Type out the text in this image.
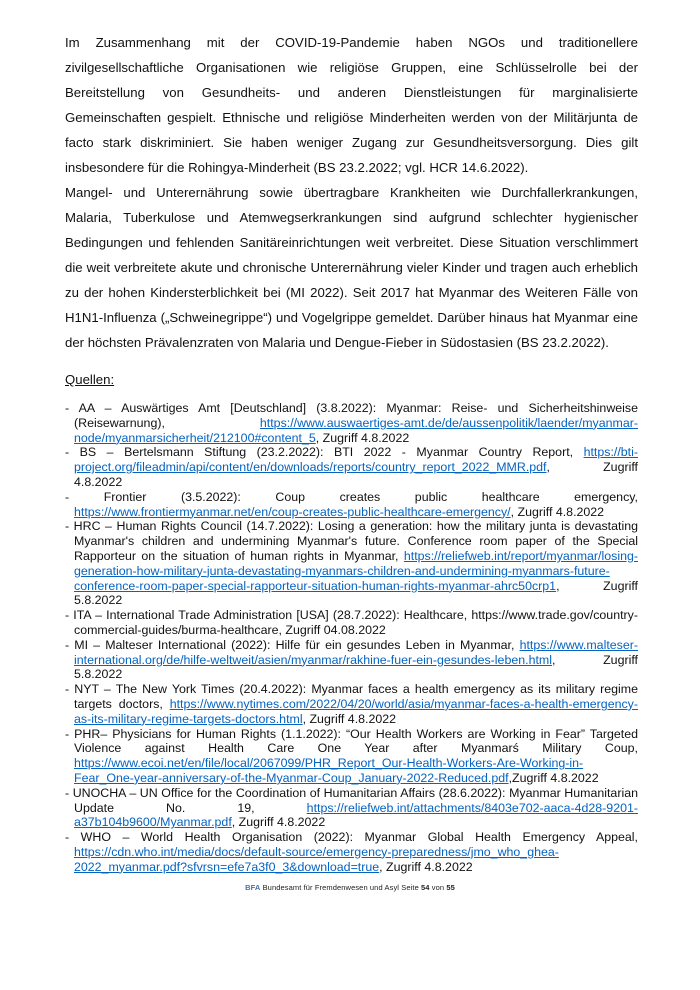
Im Zusammenhang mit der COVID-19-Pandemie haben NGOs und traditionellere zivilgesellschaftliche Organisationen wie religiöse Gruppen, eine Schlüsselrolle bei der Bereitstellung von Gesundheits- und anderen Dienstleistungen für marginalisierte Gemeinschaften gespielt. Ethnische und religiöse Minderheiten werden von der Militärjunta de facto stark diskriminiert. Sie haben weniger Zugang zur Gesundheitsversorgung. Dies gilt insbesondere für die Rohingya-Minderheit (BS 23.2.2022; vgl. HCR 14.6.2022).

Mangel- und Unterernährung sowie übertragbare Krankheiten wie Durchfallerkrankungen, Malaria, Tuberkulose und Atemwegserkrankungen sind aufgrund schlechter hygienischer Bedingungen und fehlenden Sanitäreinrichtungen weit verbreitet. Diese Situation verschlimmert die weit verbreitete akute und chronische Unterernährung vieler Kinder und tragen auch erheblich zu der hohen Kindersterblichkeit bei (MI 2022). Seit 2017 hat Myanmar des Weiteren Fälle von H1N1-Influenza („Schweinegrippe“) und Vogelgrippe gemeldet. Darüber hinaus hat Myanmar eine der höchsten Prävalenzraten von Malaria und Dengue-Fieber in Südostasien (BS 23.2.2022).

Quellen:

- AA – Auswärtiges Amt [Deutschland] (3.8.2022): Myanmar: Reise- und Sicherheitshinweise (Reisewarnung), https://www.auswaertiges-amt.de/de/aussenpolitik/laender/myanmar-node/myanmarsicherheit/212100#content_5, Zugriff 4.8.2022
- BS – Bertelsmann Stiftung (23.2.2022): BTI 2022 - Myanmar Country Report, https://bti-project.org/fileadmin/api/content/en/downloads/reports/country_report_2022_MMR.pdf, Zugriff 4.8.2022
- Frontier (3.5.2022): Coup creates public healthcare emergency, https://www.frontiermyanmar.net/en/coup-creates-public-healthcare-emergency/, Zugriff 4.8.2022
- HRC – Human Rights Council (14.7.2022): Losing a generation: how the military junta is devastating Myanmar's children and undermining Myanmar's future. Conference room paper of the Special Rapporteur on the situation of human rights in Myanmar, https://reliefweb.int/report/myanmar/losing-generation-how-military-junta-devastating-myanmars-children-and-undermining-myanmars-future-conference-room-paper-special-rapporteur-situation-human-rights-myanmar-ahrc50crp1, Zugriff 5.8.2022
- ITA – International Trade Administration [USA] (28.7.2022): Healthcare, https://www.trade.gov/country-commercial-guides/burma-healthcare, Zugriff 04.08.2022
- MI – Malteser International (2022): Hilfe für ein gesundes Leben in Myanmar, https://www.malteser-international.org/de/hilfe-weltweit/asien/myanmar/rakhine-fuer-ein-gesundes-leben.html, Zugriff 5.8.2022
- NYT – The New York Times (20.4.2022): Myanmar faces a health emergency as its military regime targets doctors, https://www.nytimes.com/2022/04/20/world/asia/myanmar-faces-a-health-emergency-as-its-military-regime-targets-doctors.html, Zugriff 4.8.2022
- PHR– Physicians for Human Rights (1.1.2022): “Our Health Workers are Working in Fear” Targeted Violence against Health Care One Year after Myanmarś Military Coup, https://www.ecoi.net/en/file/local/2067099/PHR_Report_Our-Health-Workers-Are-Working-in-Fear_One-year-anniversary-of-the-Myanmar-Coup_January-2022-Reduced.pdf,Zugriff 4.8.2022
- UNOCHA – UN Office for the Coordination of Humanitarian Affairs (28.6.2022): Myanmar Humanitarian Update No. 19, https://reliefweb.int/attachments/8403e702-aaca-4d28-9201-a37b104b9600/Myanmar.pdf, Zugriff 4.8.2022
- WHO – World Health Organisation (2022): Myanmar Global Health Emergency Appeal, https://cdn.who.int/media/docs/default-source/emergency-preparedness/jmo_who_ghea-2022_myanmar.pdf?sfvrsn=efe7a3f0_3&download=true, Zugriff 4.8.2022
BFA Bundesamt für Fremdenwesen und Asyl Seite 54 von 55
